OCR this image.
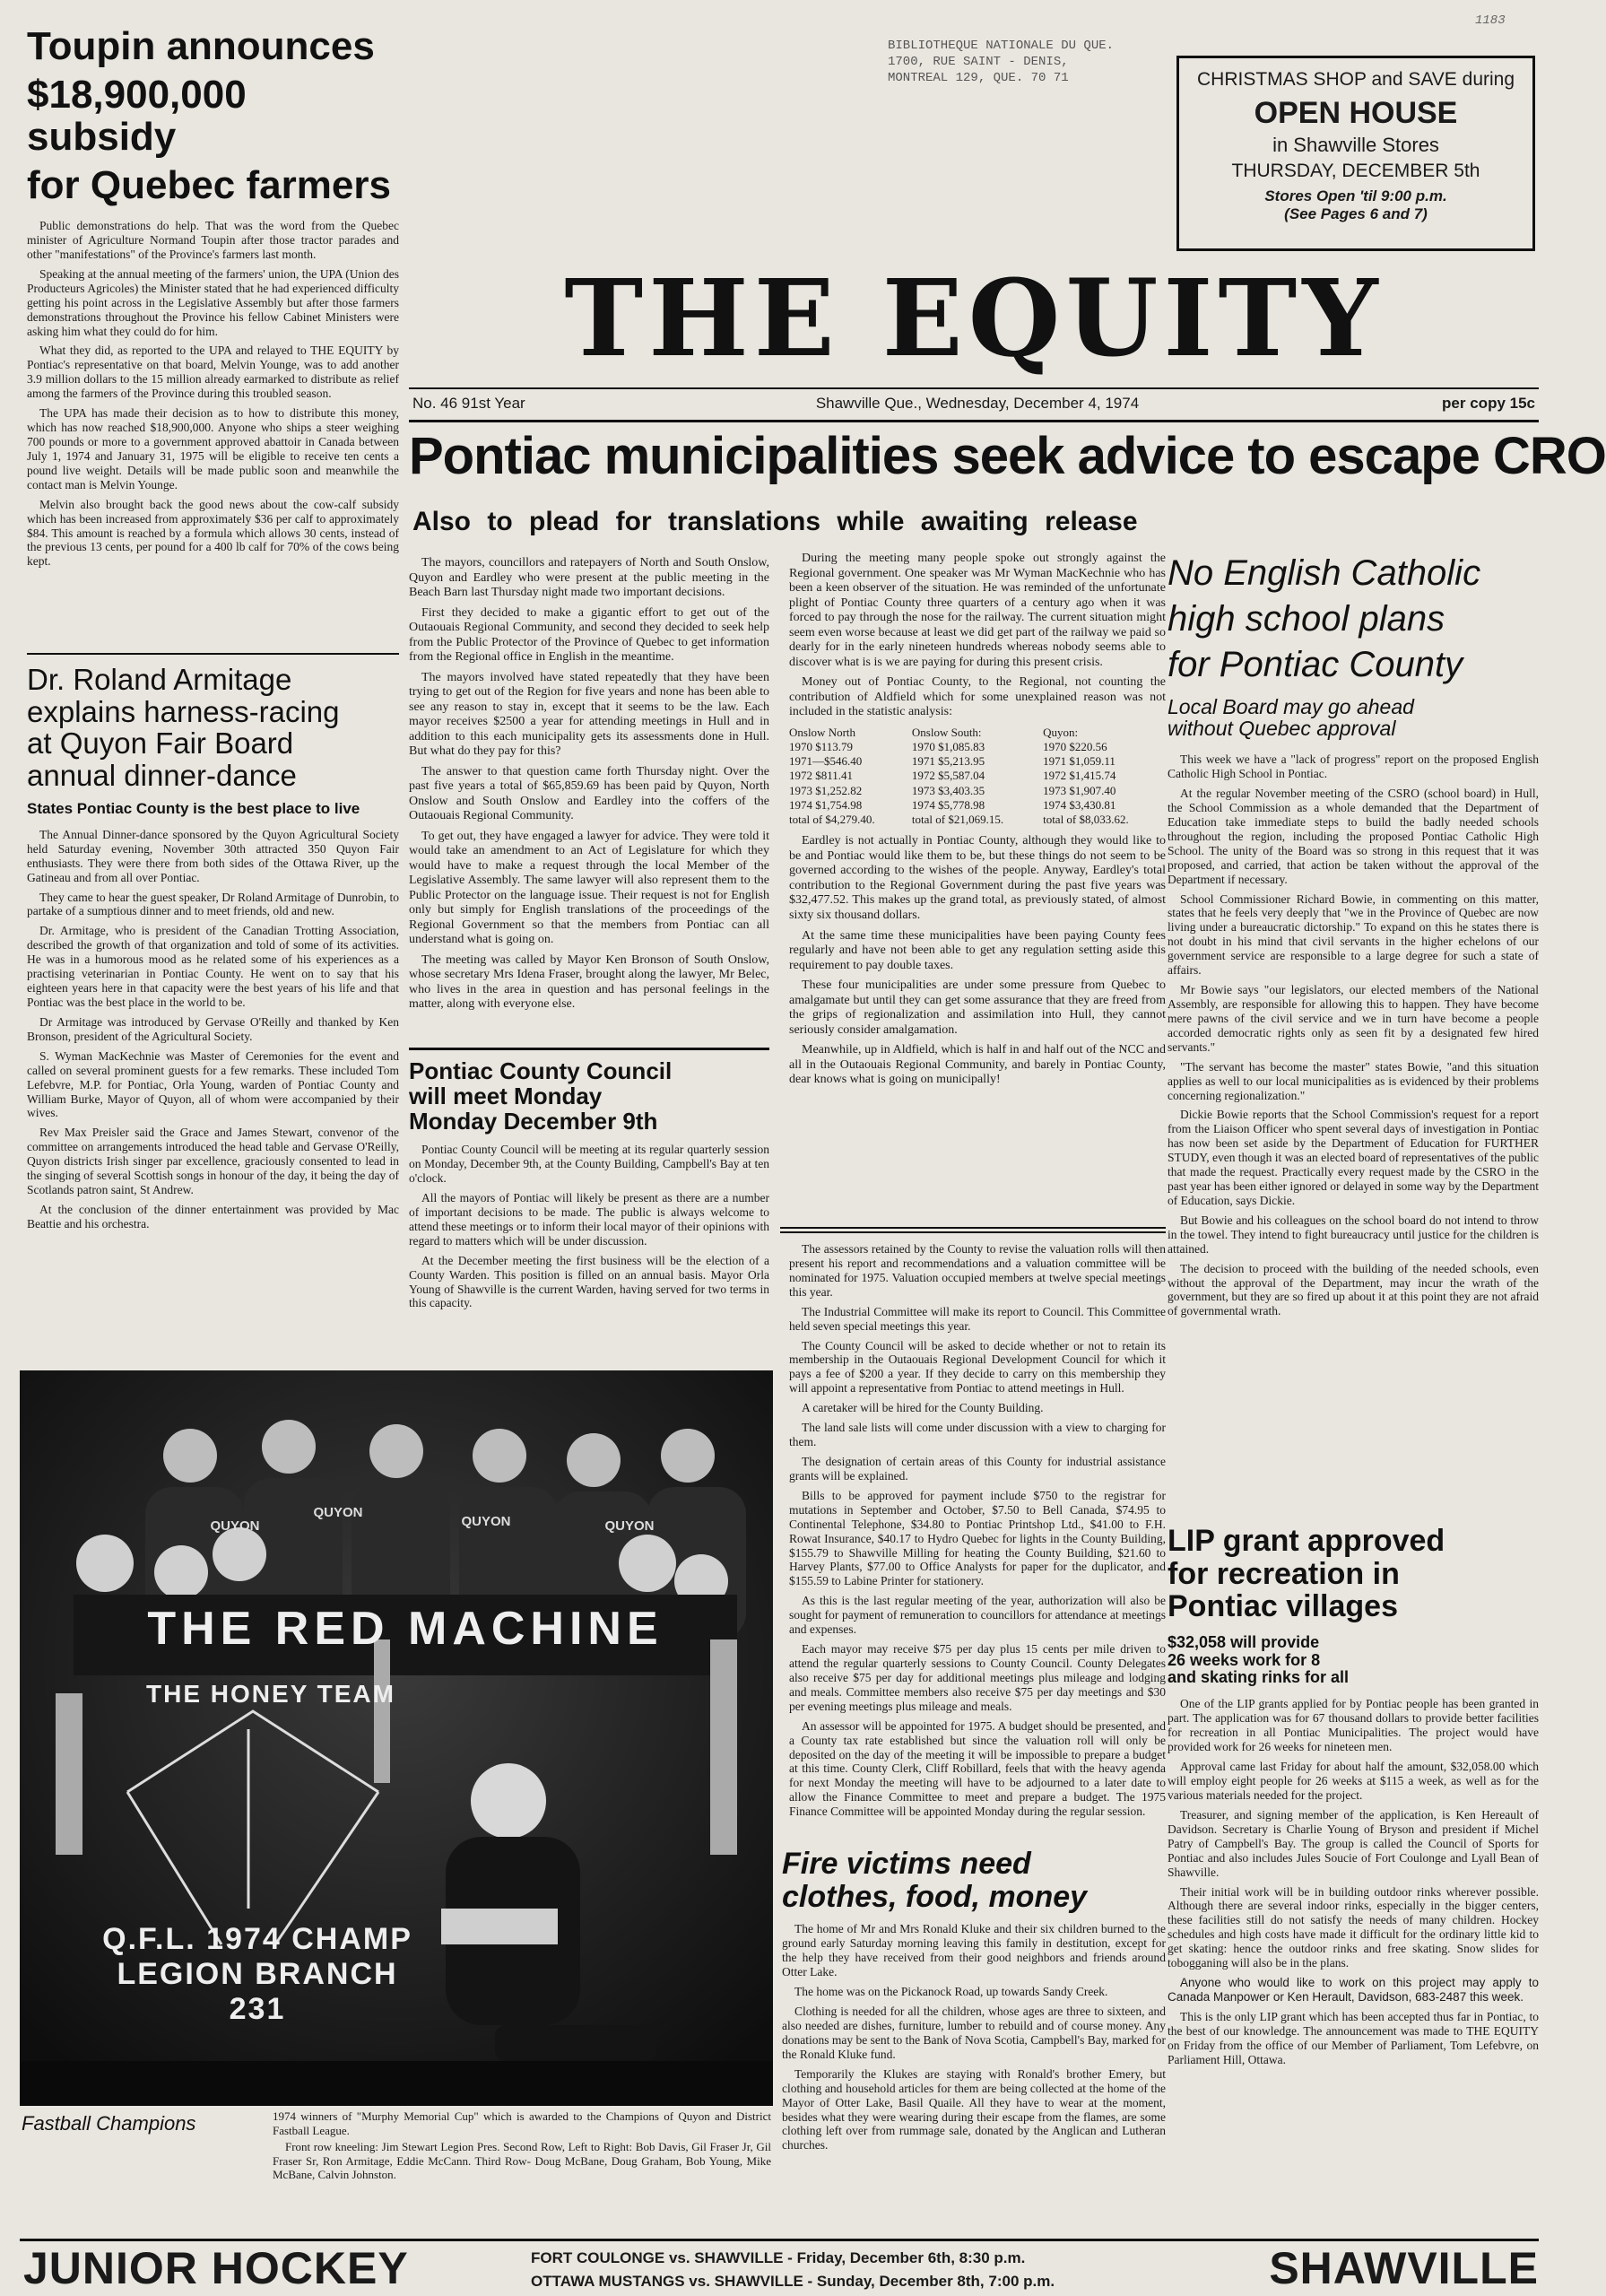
BIBLIOTHEQUE NATIONALE DU QUE.
1700, RUE SAINT - DENIS,
MONTREAL 129, QUE. 70 71
1183
CHRISTMAS SHOP and SAVE during
OPEN HOUSE
in Shawville Stores
THURSDAY, DECEMBER 5th
Stores Open 'til 9:00 p.m.
(See Pages 6 and 7)
THE EQUITY
No. 46 91st Year	Shawville Que., Wednesday, December 4, 1974	per copy 15c
Toupin announces
$18,900,000 subsidy
for Quebec farmers

Public demonstrations do help. That was the word from the Quebec minister of Agriculture Normand Toupin after those tractor parades and other "manifestations" of the Province's farmers last month.

Speaking at the annual meeting of the farmers' union, the UPA (Union des Producteurs Agricoles) the Minister stated that he had experienced difficulty getting his point across in the Legislative Assembly but after those farmers demonstrations throughout the Province his fellow Cabinet Ministers were asking him what they could do for him.

What they did, as reported to the UPA and relayed to THE EQUITY by Pontiac's representative on that board, Melvin Younge, was to add another 3.9 million dollars to the 15 million already earmarked to distribute as relief among the farmers of the Province during this troubled season.

The UPA has made their decision as to how to distribute this money, which has now reached $18,900,000. Anyone who ships a steer weighing 700 pounds or more to a government approved abattoir in Canada between July 1, 1974 and January 31, 1975 will be eligible to receive ten cents a pound live weight. Details will be made public soon and meanwhile the contact man is Melvin Younge.

Melvin also brought back the good news about the cow-calf subsidy which has been increased from approximately $36 per calf to approximately $84. This amount is reached by a formula which allows 30 cents, instead of the previous 13 cents, per pound for a 400 lb calf for 70% of the cows being kept.

Dr. Roland Armitage
explains harness-racing
at Quyon Fair Board
annual dinner-dance
States Pontiac County is the best place to live

The Annual Dinner-dance sponsored by the Quyon Agricultural Society held Saturday evening, November 30th attracted 350 Quyon Fair enthusiasts. They were there from both sides of the Ottawa River, up the Gatineau and from all over Pontiac.

They came to hear the guest speaker, Dr Roland Armitage of Dunrobin, to partake of a sumptious dinner and to meet friends, old and new.

Dr. Armitage, who is president of the Canadian Trotting Association, described the growth of that organization and told of some of its activities. He was in a humorous mood as he related some of his experiences as a practising veterinarian in Pontiac County. He went on to say that his eighteen years here in that capacity were the best years of his life and that Pontiac was the best place in the world to be.

Dr Armitage was introduced by Gervase O'Reilly and thanked by Ken Bronson, president of the Agricultural Society.

S. Wyman MacKechnie was Master of Ceremonies for the event and called on several prominent guests for a few remarks. These included Tom Lefebvre, M.P. for Pontiac, Orla Young, warden of Pontiac County and William Burke, Mayor of Quyon, all of whom were accompanied by their wives.

Rev Max Preisler said the Grace and James Stewart, convenor of the committee on arrangements introduced the head table and Gervase O'Reilly, Quyon districts Irish singer par excellence, graciously consented to lead in the singing of several Scottish songs in honour of the day, it being the day of Scotlands patron saint, St Andrew.

At the conclusion of the dinner entertainment was provided by Mac Beattie and his orchestra.

Pontiac municipalities seek advice to escape CRO
Also to plead for translations while awaiting release

The mayors, councillors and ratepayers of North and South Onslow, Quyon and Eardley who were present at the public meeting in the Beach Barn last Thursday night made two important decisions.

First they decided to make a gigantic effort to get out of the Outaouais Regional Community, and second they decided to seek help from the Public Protector of the Province of Quebec to get information from the Regional office in English in the meantime.

The mayors involved have stated repeatedly that they have been trying to get out of the Region for five years and none has been able to see any reason to stay in, except that it seems to be the law. Each mayor receives $2500 a year for attending meetings in Hull and in addition to this each municipality gets its assessments done in Hull. But what do they pay for this?

The answer to that question came forth Thursday night. Over the past five years a total of $65,859.69 has been paid by Quyon, North Onslow and South Onslow and Eardley into the coffers of the Outaouais Regional Community.

To get out, they have engaged a lawyer for advice. They were told it would take an amendment to an Act of Legislature for which they would have to make a request through the local Member of the Legislative Assembly. The same lawyer will also represent them to the Public Protector on the language issue. Their request is not for English only but simply for English translations of the proceedings of the Regional Government so that the members from Pontiac can all understand what is going on.

The meeting was called by Mayor Ken Bronson of South Onslow, whose secretary Mrs Idena Fraser, brought along the lawyer, Mr Belec, who lives in the area in question and has personal feelings in the matter, along with everyone else.

During the meeting many people spoke out strongly against the Regional government. One speaker was Mr Wyman MacKechnie who has been a keen observer of the situation. He was reminded of the unfortunate plight of Pontiac County three quarters of a century ago when it was forced to pay through the nose for the railway. The current situation might seem even worse because at least we did get part of the railway we paid so dearly for in the early nineteen hundreds whereas nobody seems able to discover what is is we are paying for during this present crisis.

Money out of Pontiac County, to the Regional, not counting the contribution of Aldfield which for some unexplained reason was not included in the statistic analysis:

Onslow North	Onslow South:	Quyon:
1970 $113.79	1970 $1,085.83	1970 $220.56
1971—$546.40	1971 $5,213.95	1971 $1,059.11
1972 $811.41	1972 $5,587.04	1972 $1,415.74
1973 $1,252.82	1973 $3,403.35	1973 $1,907.40
1974 $1,754.98	1974 $5,778.98	1974 $3,430.81
total of $4,279.40.	total of $21,069.15.	total of $8,033.62.

Eardley is not actually in Pontiac County, although they would like to be and Pontiac would like them to be, but these things do not seem to be governed according to the wishes of the people. Anyway, Eardley's total contribution to the Regional Government during the past five years was $32,477.52. This makes up the grand total, as previously stated, of almost sixty six thousand dollars.

At the same time these municipalities have been paying County fees regularly and have not been able to get any regulation setting aside this requirement to pay double taxes.

These four municipalities are under some pressure from Quebec to amalgamate but until they can get some assurance that they are freed from the grips of regionalization and assimilation into Hull, they cannot seriously consider amalgamation.

Meanwhile, up in Aldfield, which is half in and half out of the NCC and all in the Outaouais Regional Community, and barely in Pontiac County, dear knows what is going on municipally!

Pontiac County Council
will meet Monday
Monday December 9th

Pontiac County Council will be meeting at its regular quarterly session on Monday, December 9th, at the County Building, Campbell's Bay at ten o'clock.

All the mayors of Pontiac will likely be present as there are a number of important decisions to be made. The public is always welcome to attend these meetings or to inform their local mayor of their opinions with regard to matters which will be under discussion.

At the December meeting the first business will be the election of a County Warden. This position is filled on an annual basis. Mayor Orla Young of Shawville is the current Warden, having served for two terms in this capacity.

The assessors retained by the County to revise the valuation rolls will then present his report and recommendations and a valuation committee will be nominated for 1975. Valuation occupied members at twelve special meetings this year.

The Industrial Committee will make its report to Council. This Committee held seven special meetings this year.

The County Council will be asked to decide whether or not to retain its membership in the Outaouais Regional Development Council for which it pays a fee of $200 a year. If they decide to carry on this membership they will appoint a representative from Pontiac to attend meetings in Hull.

A caretaker will be hired for the County Building.

The land sale lists will come under discussion with a view to charging for them.

The designation of certain areas of this County for industrial assistance grants will be explained.

Bills to be approved for payment include $750 to the registrar for mutations in September and October, $7.50 to Bell Canada, $74.95 to Continental Telephone, $34.80 to Pontiac Printshop Ltd., $41.00 to F.H. Rowat Insurance, $40.17 to Hydro Quebec for lights in the County Building, $155.79 to Shawville Milling for heating the County Building, $21.60 to Harvey Plants, $77.00 to Office Analysts for paper for the duplicator, and $155.59 to Labine Printer for stationery.

As this is the last regular meeting of the year, authorization will also be sought for payment of remuneration to councillors for attendance at meetings and expenses.

Each mayor may receive $75 per day plus 15 cents per mile driven to attend the regular quarterly sessions to County Council. County Delegates also receive $75 per day for additional meetings plus mileage and lodging and meals. Committee members also receive $75 per day meetings and $30 per evening meetings plus mileage and meals.

An assessor will be appointed for 1975. A budget should be presented, and a County tax rate established but since the valuation roll will only be deposited on the day of the meeting it will be impossible to prepare a budget at this time. County Clerk, Cliff Robillard, feels that with the heavy agenda for next Monday the meeting will have to be adjourned to a later date to allow the Finance Committee to meet and prepare a budget. The 1975 Finance Committee will be appointed Monday during the regular session.

Fire victims need
clothes, food, money

The home of Mr and Mrs Ronald Kluke and their six children burned to the ground early Saturday morning leaving this family in destitution, except for the help they have received from their good neighbors and friends around Otter Lake.

The home was on the Pickanock Road, up towards Sandy Creek.

Clothing is needed for all the children, whose ages are three to sixteen, and also needed are dishes, furniture, lumber to rebuild and of course money. Any donations may be sent to the Bank of Nova Scotia, Campbell's Bay, marked for the Ronald Kluke fund.

Temporarily the Klukes are staying with Ronald's brother Emery, but clothing and household articles for them are being collected at the home of the Mayor of Otter Lake, Basil Quaile. All they have to wear at the moment, besides what they were wearing during their escape from the flames, are some clothing left over from rummage sale, donated by the Anglican and Lutheran churches.

No English Catholic
high school plans
for Pontiac County
Local Board may go ahead
without Quebec approval

This week we have a "lack of progress" report on the proposed English Catholic High School in Pontiac.

At the regular November meeting of the CSRO (school board) in Hull, the School Commission as a whole demanded that the Department of Education take immediate steps to build the badly needed schools throughout the region, including the proposed Pontiac Catholic High School. The unity of the Board was so strong in this request that it was proposed, and carried, that action be taken without the approval of the Department if necessary.

School Commissioner Richard Bowie, in commenting on this matter, states that he feels very deeply that "we in the Province of Quebec are now living under a bureaucratic dictorship." To expand on this he states there is not doubt in his mind that civil servants in the higher echelons of our government service are responsible to a large degree for such a state of affairs.

Mr Bowie says "our legislators, our elected members of the National Assembly, are responsible for allowing this to happen. They have become mere pawns of the civil service and we in turn have become a people accorded democratic rights only as seen fit by a designated few hired servants."

"The servant has become the master" states Bowie, "and this situation applies as well to our local municipalities as is evidenced by their problems concerning regionalization."

Dickie Bowie reports that the School Commission's request for a report from the Liaison Officer who spent several days of investigation in Pontiac has now been set aside by the Department of Education for FURTHER STUDY, even though it was an elected board of representatives of the public that made the request. Practically every request made by the CSRO in the past year has been either ignored or delayed in some way by the Department of Education, says Dickie.

But Bowie and his colleagues on the school board do not intend to throw in the towel. They intend to fight bureaucracy until justice for the children is attained.

The decision to proceed with the building of the needed schools, even without the approval of the Department, may incur the wrath of the government, but they are so fired up about it at this point they are not afraid of governmental wrath.

LIP grant approved
for recreation in
Pontiac villages
$32,058 will provide
26 weeks work for 8
and skating rinks for all

One of the LIP grants applied for by Pontiac people has been granted in part. The application was for 67 thousand dollars to provide better facilities for recreation in all Pontiac Municipalities. The project would have provided work for 26 weeks for nineteen men.

Approval came last Friday for about half the amount, $32,058.00 which will employ eight people for 26 weeks at $115 a week, as well as for the various materials needed for the project.

Treasurer, and signing member of the application, is Ken Hereault of Davidson. Secretary is Charlie Young of Bryson and president if Michel Patry of Campbell's Bay. The group is called the Council of Sports for Pontiac and also includes Jules Soucie of Fort Coulonge and Lyall Bean of Shawville.

Their initial work will be in building outdoor rinks wherever possible. Although there are several indoor rinks, especially in the bigger centers, these facilities still do not satisfy the needs of many children. Hockey schedules and high costs have made it difficult for the ordinary little kid to get skating: hence the outdoor rinks and free skating. Snow slides for tobogganing will also be in the plans.

Anyone who would like to work on this project may apply to Canada Manpower or Ken Herault, Davidson, 683-2487 this week.

This is the only LIP grant which has been accepted thus far in Pontiac, to the best of our knowledge. The announcement was made to THE EQUITY on Friday from the office of our Member of Parliament, Tom Lefebvre, on Parliament Hill, Ottawa.

QUYON
QUYON
QUYON	QUYON
THE RED MACHINE
THE HONEY TEAM
Q.F.L. 1974 CHAMP
LEGION BRANCH
231
Fastball Champions	1974 winners of "Murphy Memorial Cup" which is awarded to the Champions of Quyon and District Fastball League.
Front row kneeling: Jim Stewart Legion Pres. Second Row, Left to Right: Bob Davis, Gil Fraser Jr, Gil Fraser Sr, Ron Armitage, Eddie McCann. Third Row- Doug McBane, Doug Graham, Bob Young, Mike McBane, Calvin Johnston.
JUNIOR HOCKEY	FORT COULONGE vs. SHAWVILLE - Friday, December 6th, 8:30 p.m.
OTTAWA MUSTANGS vs. SHAWVILLE - Sunday, December 8th, 7:00 p.m.	SHAWVILLE
